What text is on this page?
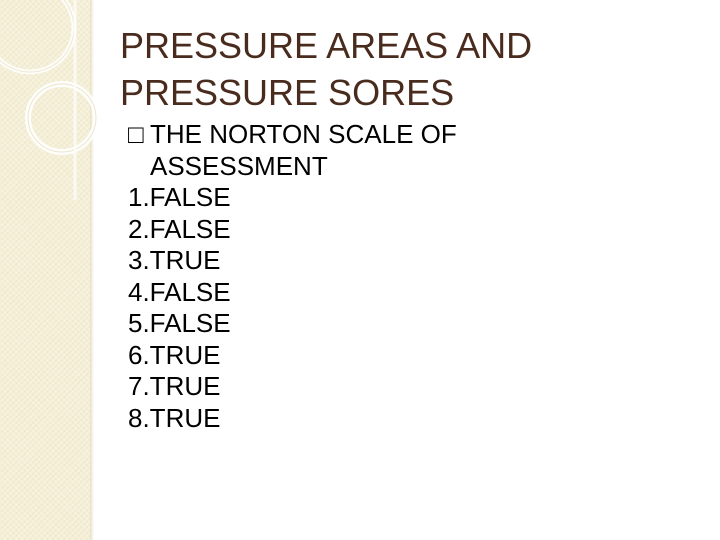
PRESSURE AREAS AND
PRESSURE SORES
□ THE NORTON SCALE OF
ASSESSMENT
1.FALSE
2.FALSE
3.TRUE
4.FALSE
5.FALSE
6.TRUE
7.TRUE
8.TRUE
